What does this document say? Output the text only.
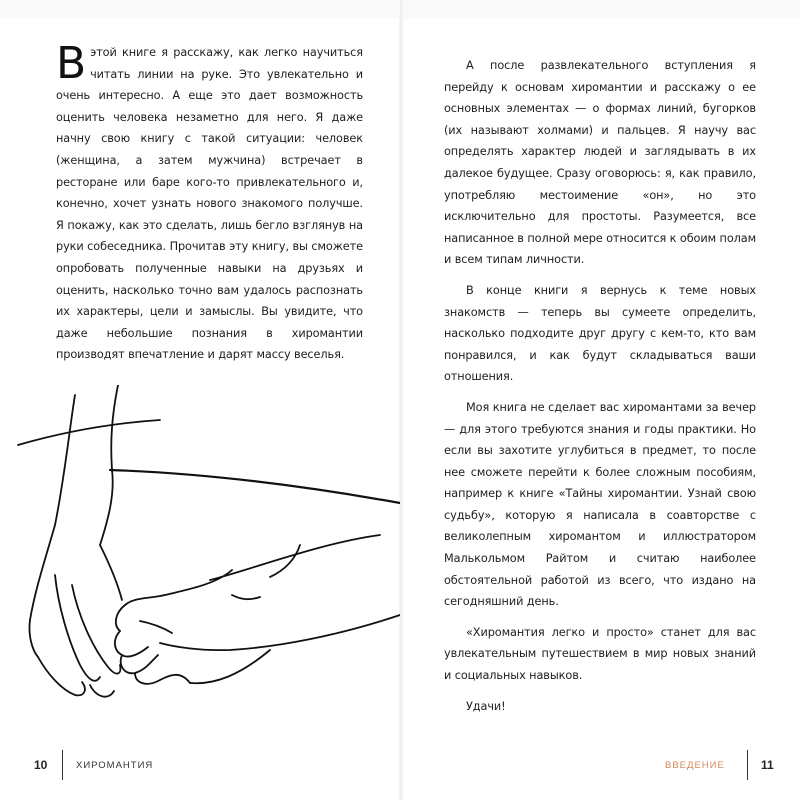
Вэтой книге я расскажу, как легко научиться читать линии на руке. Это увлекательно и очень интересно. А еще это дает возможность оценить человека незаметно для него. Я даже начну свою книгу с такой ситуации: человек (женщина, а затем мужчина) встречает в ресторане или баре кого-то привлекательного и, конечно, хочет узнать нового знакомого получше. Я покажу, как это сделать, лишь бегло взглянув на руки собеседника. Прочитав эту книгу, вы сможете опробовать полученные навыки на друзьях и оценить, насколько точно вам удалось распознать их характеры, цели и замыслы. Вы увидите, что даже небольшие познания в хиромантии производят впечатление и дарят массу веселья.

10	ХИРОМАНТИЯ

А после развлекательного вступления я перейду к основам хиромантии и расскажу о ее основных элементах — о формах линий, бугорков (их называют холмами) и пальцев. Я научу вас определять характер людей и заглядывать в их далекое будущее. Сразу оговорюсь: я, как правило, употребляю местоимение «он», но это исключительно для простоты. Разумеется, все написанное в полной мере относится к обоим полам и всем типам личности.

В конце книги я вернусь к теме новых знакомств — теперь вы сумеете определить, насколько подходите друг другу с кем-то, кто вам понравился, и как будут складываться ваши отношения.

Моя книга не сделает вас хиромантами за вечер — для этого требуются знания и годы практики. Но если вы захотите углубиться в предмет, то после нее сможете перейти к более сложным пособиям, например к книге «Тайны хиромантии. Узнай свою судьбу», которую я написала в соавторстве с великолепным хиромантом и иллюстратором Малькольмом Райтом и считаю наиболее обстоятельной работой из всего, что издано на сегодняшний день.

«Хиромантия легко и просто» станет для вас увлекательным путешествием в мир новых знаний и социальных навыков.

Удачи!

ВВЕДЕНИЕ	11
